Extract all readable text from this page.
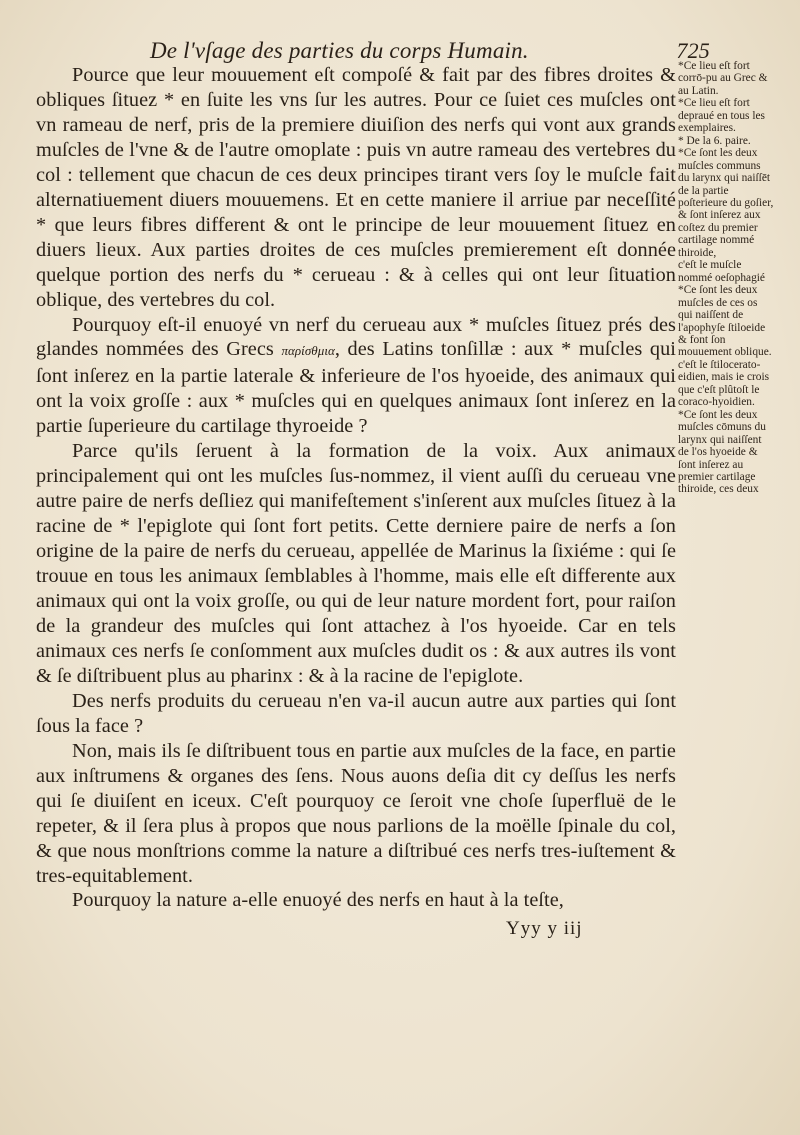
De l'vſage des parties du corps Humain.	725

Pource que leur mouuement eſt compoſé & fait par des fibres droites & obliques ſituez * en ſuite les vns ſur les autres. Pour ce ſuiet ces muſcles ont vn rameau de nerf, pris de la premiere diuiſion des nerfs qui vont aux grands muſcles de l'vne & de l'autre omoplate : puis vn autre rameau des vertebres du col : tellement que chacun de ces deux principes tirant vers ſoy le muſcle fait alternatiuement diuers mouuemens. Et en cette maniere il arriue par neceſſité * que leurs fibres different & ont le principe de leur mouuement ſituez en diuers lieux. Aux parties droites de ces muſcles premierement eſt donnée quelque portion des nerfs du * cerueau : & à celles qui ont leur ſituation oblique, des vertebres du col.

Pourquoy eſt-il enuoyé vn nerf du cerueau aux * muſcles ſituez prés des glandes nommées des Grecs παρίσθμια, des Latins tonſillæ : aux * muſcles qui ſont inſerez en la partie laterale & inferieure de l'os hyoeide, des animaux qui ont la voix groſſe : aux * muſcles qui en quelques animaux ſont inſerez en la partie ſuperieure du cartilage thyroeide ?

Parce qu'ils ſeruent à la formation de la voix. Aux animaux principalement qui ont les muſcles ſus-nommez, il vient auſſi du cerueau vne autre paire de nerfs deſliez qui manifeſtement s'inſerent aux muſcles ſituez à la racine de * l'epiglote qui ſont fort petits. Cette derniere paire de nerfs a ſon origine de la paire de nerfs du cerueau, appellée de Marinus la ſixiéme : qui ſe trouue en tous les animaux ſemblables à l'homme, mais elle eſt differente aux animaux qui ont la voix groſſe, ou qui de leur nature mordent fort, pour raiſon de la grandeur des muſcles qui ſont attachez à l'os hyoeide. Car en tels animaux ces nerfs ſe conſomment aux muſcles dudit os : & aux autres ils vont & ſe diſtribuent plus au pharinx : & à la racine de l'epiglote.

Des nerfs produits du cerueau n'en va-il aucun autre aux parties qui ſont ſous la face ?

Non, mais ils ſe diſtribuent tous en partie aux muſcles de la face, en partie aux inſtrumens & organes des ſens. Nous auons deſia dit cy deſſus les nerfs qui ſe diuiſent en iceux. C'eſt pourquoy ce ſeroit vne choſe ſuperfluë de le repeter, & il ſera plus à propos que nous parlions de la moëlle ſpinale du col, & que nous monſtrions comme la nature a diſtribué ces nerfs tres-iuſtement & tres-equitablement.

Pourquoy la nature a-elle enuoyé des nerfs en haut à la teſte,

Yyy y iij
*Ce lieu eſt fort corrō-pu au Grec & au Latin.
*Ce lieu eſt fort depraué en tous les exemplaires.
* De la 6. paire.
*Ce ſont les deux muſcles communs du larynx qui naiſſēt de la partie poſterieure du goſier, & ſont inſerez aux coſtez du premier cartilage nommé thiroide,
c'eſt le muſcle nommé oeſophagié
*Ce ſont les deux muſcles de ces os qui naiſſent de l'apophyſe ſtiloeide & font ſon mouuement oblique.
c'eſt le ſtilocerato-eidien, mais ie crois que c'eſt plûtoſt le coraco-hyoidien.
*Ce ſont les deux muſcles cōmuns du larynx qui naiſſent de l'os hyoeide & ſont inſerez au premier cartilage thiroide, ces deux
